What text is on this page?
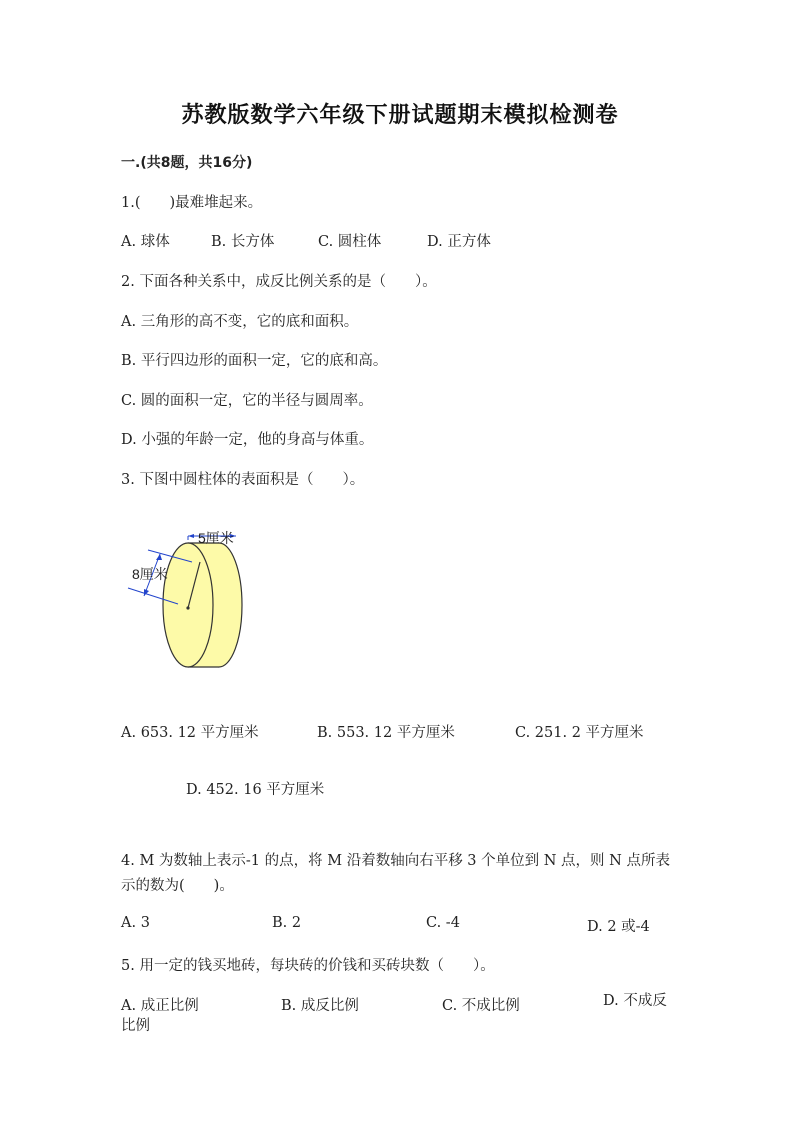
苏教版数学六年级下册试题期末模拟检测卷
一.(共8题，共16分)
1.(　　)最难堆起来。
A. 球体	B. 长方体	C. 圆柱体	D. 正方体
2. 下面各种关系中，成反比例关系的是（　　）。
A. 三角形的高不变，它的底和面积。
B. 平行四边形的面积一定，它的底和高。
C. 圆的面积一定，它的半径与圆周率。
D. 小强的年龄一定，他的身高与体重。
3. 下图中圆柱体的表面积是（　　）。
5厘米
8厘米
A. 653. 12 平方厘米	B. 553. 12 平方厘米	C. 251. 2 平方厘米
D. 452. 16 平方厘米
4. M 为数轴上表示-1 的点，将 M 沿着数轴向右平移 3 个单位到 N 点，则 N 点所表示的数为(　　)。
A. 3	B. 2	C. -4	D. 2 或-4
5. 用一定的钱买地砖，每块砖的价钱和买砖块数（　　）。
A. 成正比例	B. 成反比例	C. 不成比例	D. 不成反比例
